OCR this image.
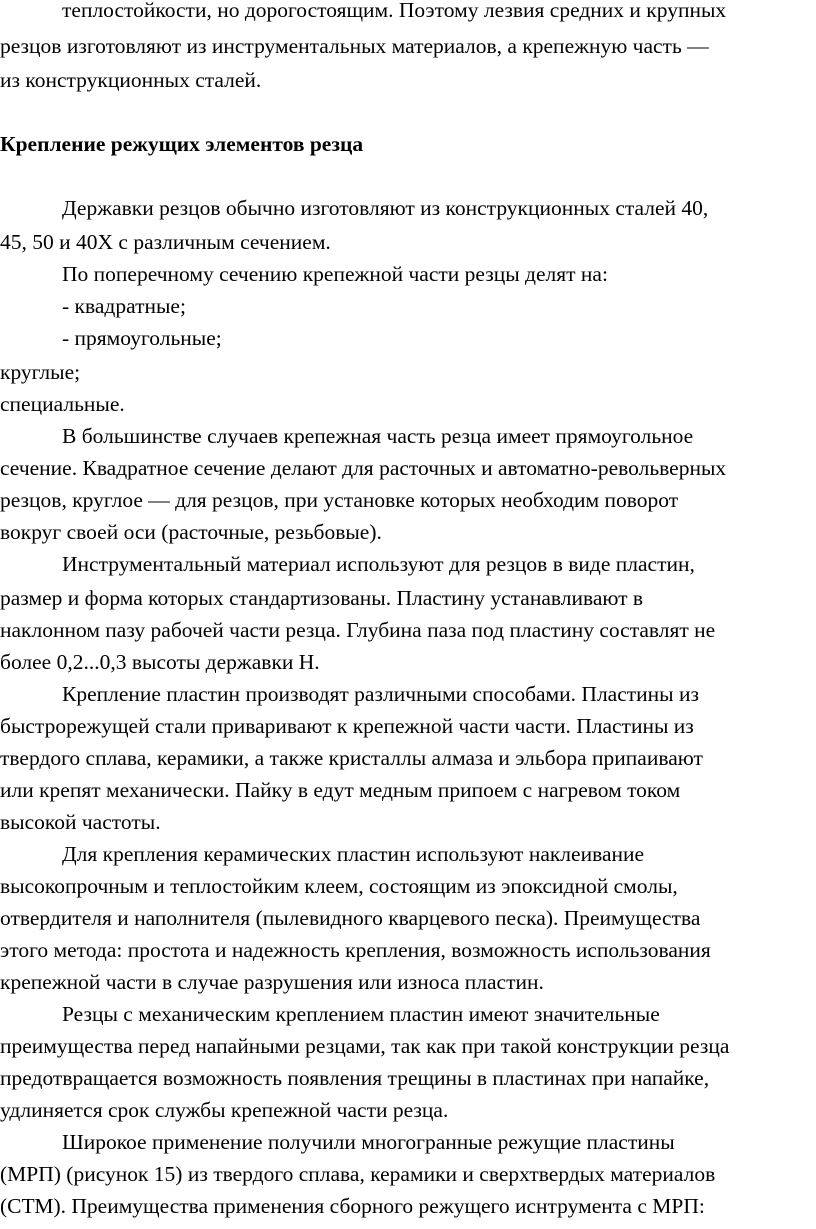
теплостойкости, но дорогостоящим. Поэтому лезвия средних и крупных
резцов изготовляют из инструментальных материалов, а крепежную часть —
из конструкционных сталей.
Крепление режущих элементов резца
Державки резцов обычно изготовляют из конструкционных сталей 40,
45, 50 и 40Х с различным сечением.
По поперечному сечению крепежной части резцы делят на:
- квадратные;
- прямоугольные;
круглые;
специальные.
В большинстве случаев крепежная часть резца имеет прямоугольное
сечение. Квадратное сечение делают для расточных и автоматно-револьверных
резцов, круглое — для резцов, при установке которых необходим поворот
вокруг своей оси (расточные, резьбовые).
Инструментальный материал используют для резцов в виде пластин,
размер и форма которых стандартизованы. Пластину устанавливают в
наклонном пазу рабочей части резца. Глубина паза под пластину составлят не
более 0,2...0,3 высоты державки Н.
Крепление пластин производят различными способами. Пластины из
быстрорежущей стали приваривают к крепежной части части. Пластины из
твердого сплава, керамики, а также кристаллы алмаза и эльбора припаивают
или крепят механически. Пайку в едут медным припоем с нагревом током
высокой частоты.
Для крепления керамических пластин используют наклеивание
высокопрочным и теплостойким клеем, состоящим из эпоксидной смолы,
отвердителя и наполнителя (пылевидного кварцевого песка). Преимущества
этого метода: простота и надежность крепления, возможность использования
крепежной части в случае разрушения или износа пластин.
Резцы с механическим креплением пластин имеют значительные
преимущества перед напайными резцами, так как при такой конструкции резца
предотвращается возможность появления трещины в пластинах при напайке,
удлиняется срок службы крепежной части резца.
Широкое применение получили многогранные режущие пластины
(МРП) (рисунок 15) из твердого сплава, керамики и сверхтвердых материалов
(СТМ). Преимущества применения сборного режущего иснтрумента с МРП:
